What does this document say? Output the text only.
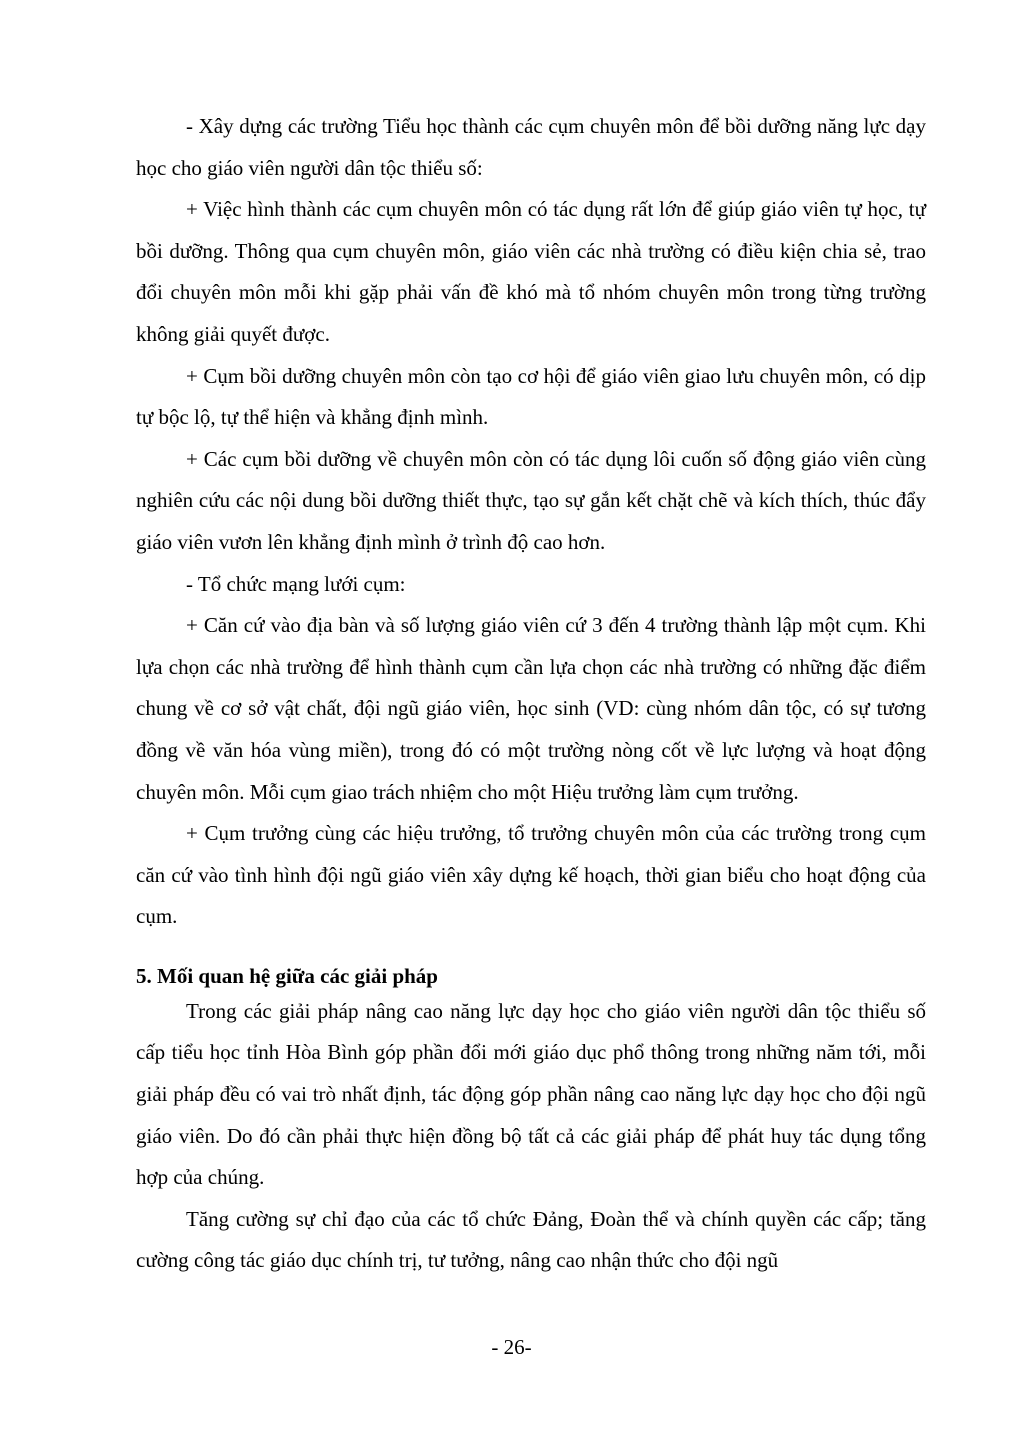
- Xây dựng các trường Tiểu học thành các cụm chuyên môn để bồi dưỡng năng lực dạy học cho giáo viên người dân tộc thiểu số:

+ Việc hình thành các cụm chuyên môn có tác dụng rất lớn để giúp giáo viên tự học, tự bồi dưỡng. Thông qua cụm chuyên môn, giáo viên các nhà trường có điều kiện chia sẻ, trao đổi chuyên môn mỗi khi gặp phải vấn đề khó mà tổ nhóm chuyên môn trong từng trường không giải quyết được.

+ Cụm bồi dưỡng chuyên môn còn tạo cơ hội để giáo viên giao lưu chuyên môn, có dịp tự bộc lộ, tự thể hiện và khẳng định mình.

+ Các cụm bồi dưỡng về chuyên môn còn có tác dụng lôi cuốn số động giáo viên cùng nghiên cứu các nội dung bồi dưỡng thiết thực, tạo sự gắn kết chặt chẽ và kích thích, thúc đẩy giáo viên vươn lên khẳng định mình ở trình độ cao hơn.

- Tổ chức mạng lưới cụm:

+ Căn cứ vào địa bàn và số lượng giáo viên cứ 3 đến 4 trường thành lập một cụm. Khi lựa chọn các nhà trường để hình thành cụm cần lựa chọn các nhà trường có những đặc điểm chung về cơ sở vật chất, đội ngũ giáo viên, học sinh (VD: cùng nhóm dân tộc, có sự tương đồng về văn hóa vùng miền), trong đó có một trường nòng cốt về lực lượng và hoạt động chuyên môn. Mỗi cụm giao trách nhiệm cho một Hiệu trưởng làm cụm trưởng.

+ Cụm trưởng cùng các hiệu trưởng, tổ trưởng chuyên môn của các trường trong cụm căn cứ vào tình hình đội ngũ giáo viên xây dựng kế hoạch, thời gian biểu cho hoạt động của cụm.

5. Mối quan hệ giữa các giải pháp

Trong các giải pháp nâng cao năng lực dạy học cho giáo viên người dân tộc thiểu số cấp tiểu học tỉnh Hòa Bình góp phần đổi mới giáo dục phổ thông trong những năm tới, mỗi giải pháp đều có vai trò nhất định, tác động góp phần nâng cao năng lực dạy học cho đội ngũ giáo viên. Do đó cần phải thực hiện đồng bộ tất cả các giải pháp để phát huy tác dụng tổng hợp của chúng.

Tăng cường sự chỉ đạo của các tổ chức Đảng, Đoàn thể và chính quyền các cấp; tăng cường công tác giáo dục chính trị, tư tưởng, nâng cao nhận thức cho đội ngũ

- 26-
